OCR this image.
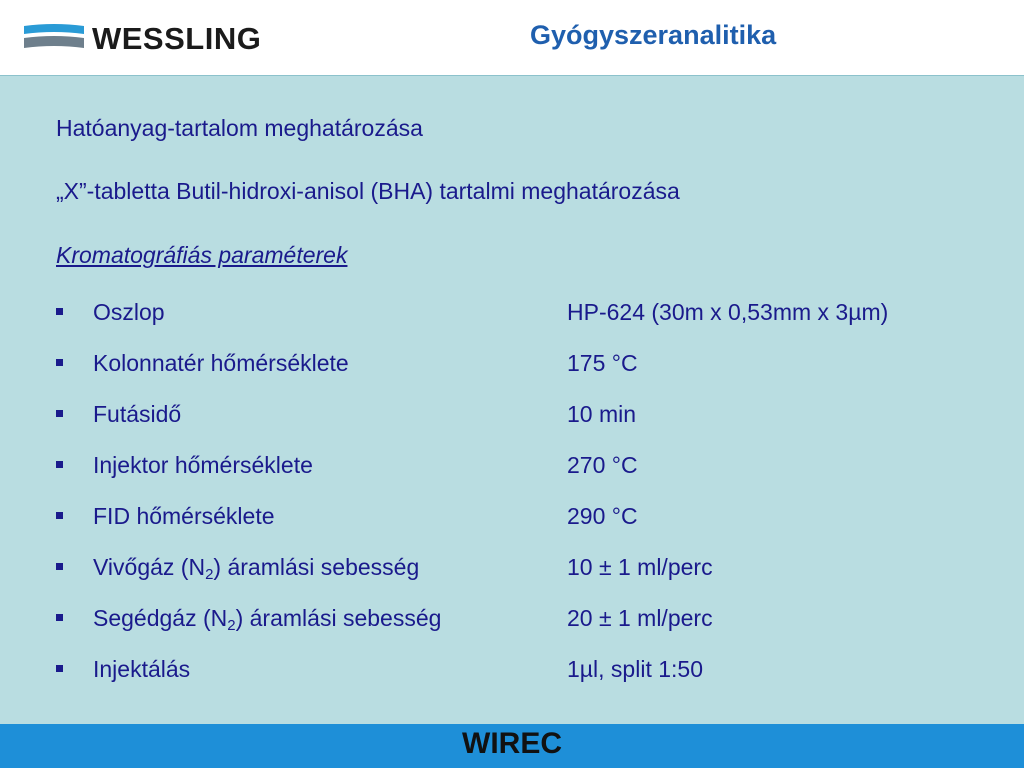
WESSLING	Gyógyszeranalitika
Hatóanyag-tartalom meghatározása
„X”-tabletta Butil-hidroxi-anisol (BHA) tartalmi meghatározása
Kromatográfiás paraméterek
Oszlop	HP-624 (30m x 0,53mm x 3µm)
Kolonnatér hőmérséklete	175 °C
Futásidő	10 min
Injektor hőmérséklete	270 °C
FID hőmérséklete	290 °C
Vivőgáz $(N_2)$ áramlási sebesség	10 ± 1 ml/perc
Segédgáz $(N_2)$ áramlási sebesség	20 ± 1 ml/perc
Injektálás	1µl, split 1:50
WIREC
